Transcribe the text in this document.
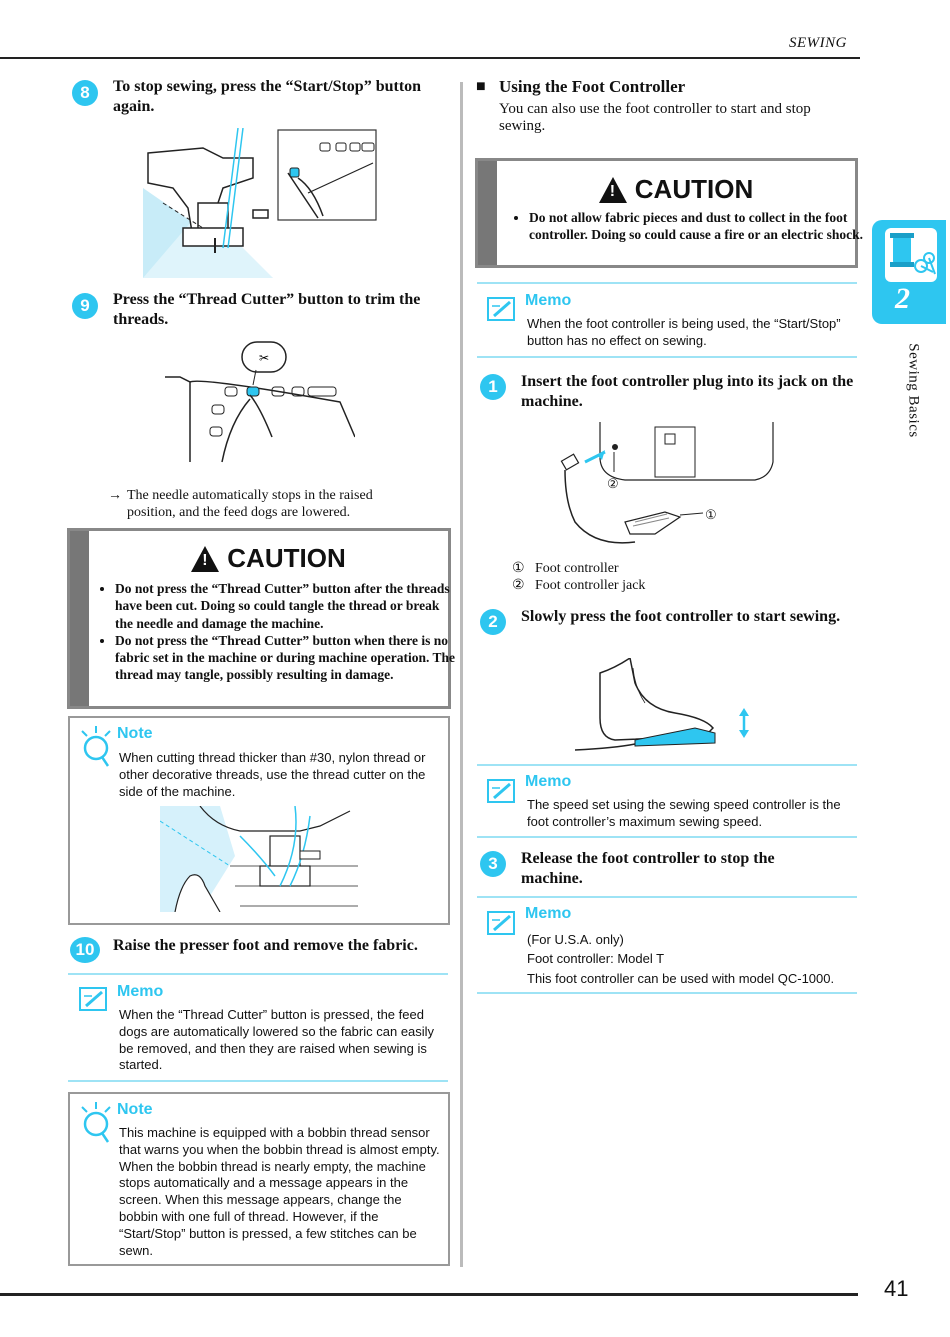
SEWING
2
Sewing Basics
8	To stop sewing, press the “Start/Stop” button again.
9	Press the “Thread Cutter” button to trim the threads.
✂
→ The needle automatically stops in the raised position, and the feed dogs are lowered.
! CAUTION
• Do not press the “Thread Cutter” button after the threads have been cut. Doing so could tangle the thread or break the needle and damage the machine.
• Do not press the “Thread Cutter” button when there is no fabric set in the machine or during machine operation. The thread may tangle, possibly resulting in damage.
Note
When cutting thread thicker than #30, nylon thread or other decorative threads, use the thread cutter on the side of the machine.
10	Raise the presser foot and remove the fabric.
Memo
When the “Thread Cutter” button is pressed, the feed dogs are automatically lowered so the fabric can easily be removed, and then they are raised when sewing is started.
Note
This machine is equipped with a bobbin thread sensor that warns you when the bobbin thread is almost empty. When the bobbin thread is nearly empty, the machine stops automatically and a message appears in the screen. When this message appears, change the bobbin with one full of thread. However, if the “Start/Stop” button is pressed, a few stitches can be sewn.
■ Using the Foot Controller
You can also use the foot controller to start and stop sewing.
! CAUTION
• Do not allow fabric pieces and dust to collect in the foot controller. Doing so could cause a fire or an electric shock.
Memo
When the foot controller is being used, the “Start/Stop” button has no effect on sewing.
1	Insert the foot controller plug into its jack on the machine.
②
①
① Foot controller
② Foot controller jack
2	Slowly press the foot controller to start sewing.
Memo
The speed set using the sewing speed controller is the foot controller’s maximum sewing speed.
3	Release the foot controller to stop the machine.
Memo
(For U.S.A. only)
Foot controller: Model T
This foot controller can be used with model QC-1000.
41
